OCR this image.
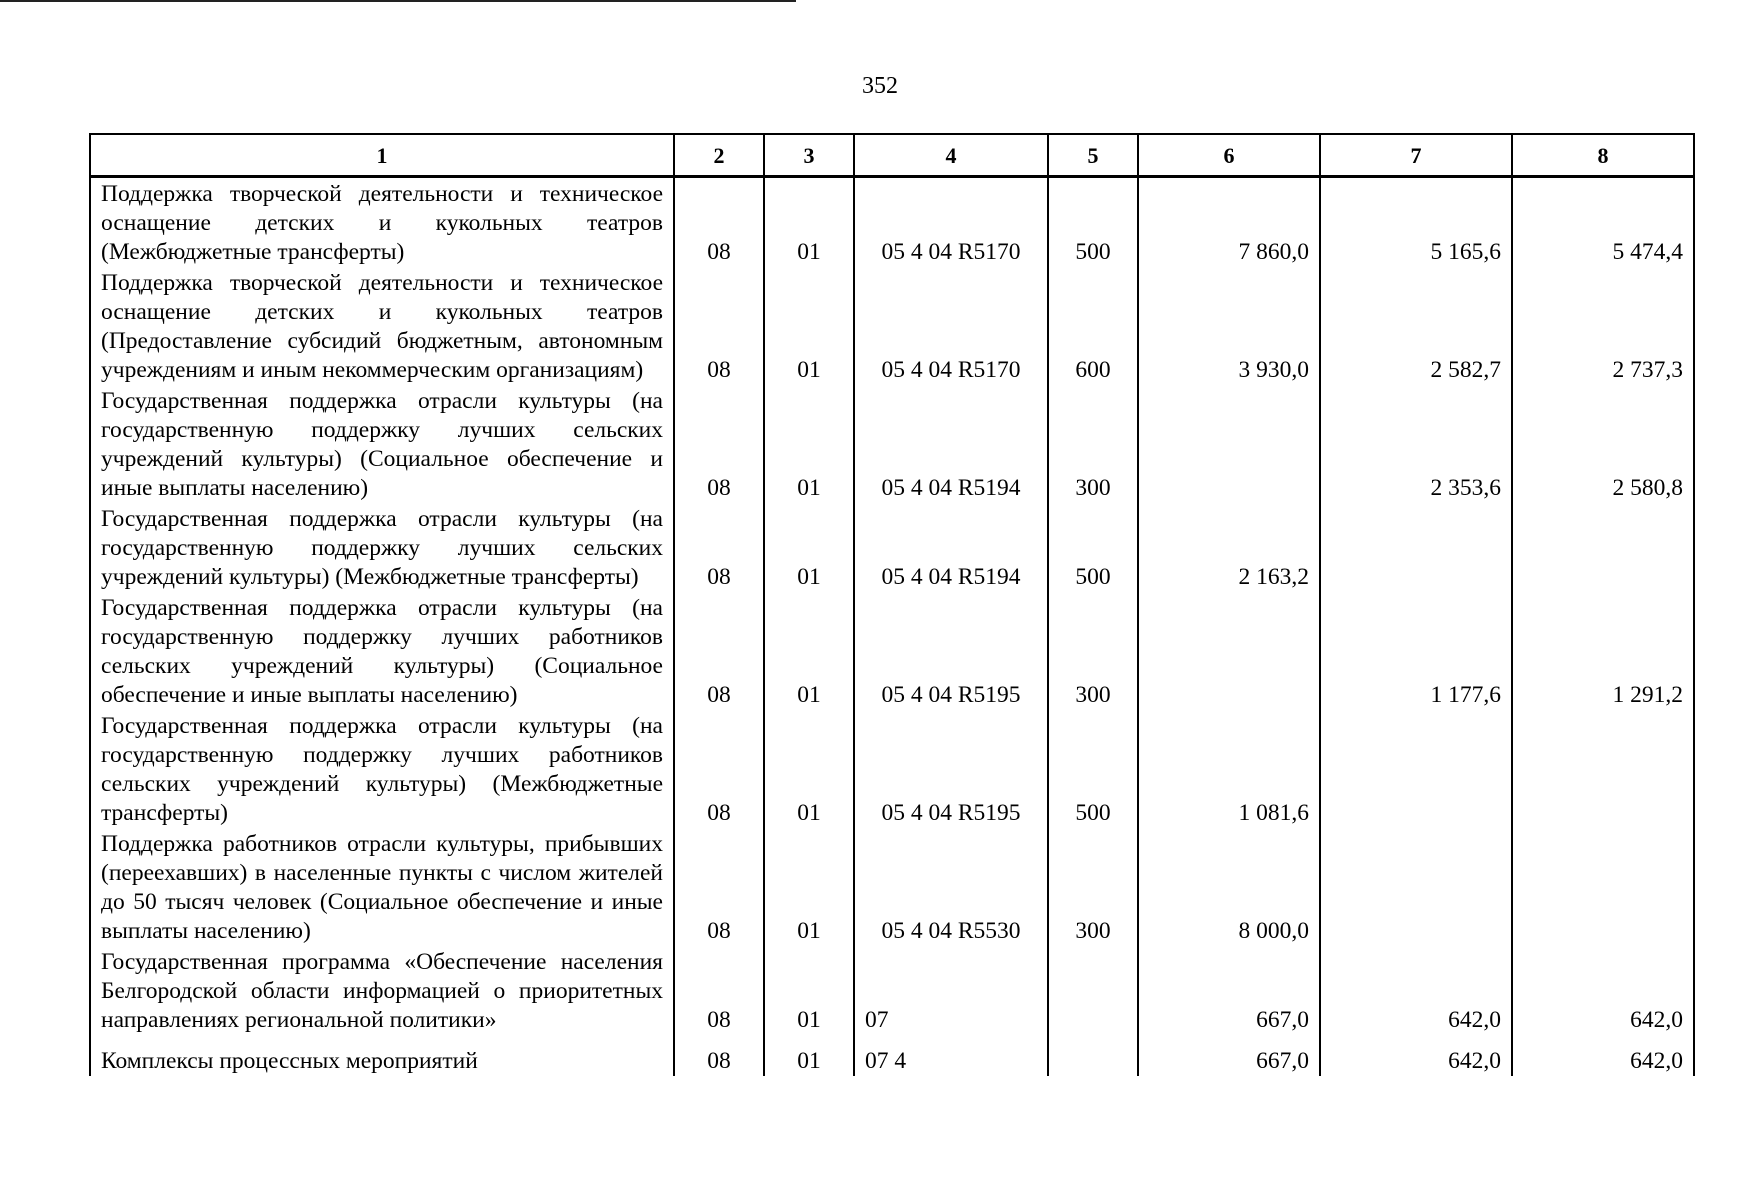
352
1	2	3	4	5	6	7	8
Поддержка творческой деятельности и техническое оснащение детских и кукольных театров (Межбюджетные трансферты)	08	01	05 4 04 R5170	500	7 860,0	5 165,6	5 474,4
Поддержка творческой деятельности и техническое оснащение детских и кукольных театров (Предоставление субсидий бюджетным, автономным учреждениям и иным некоммерческим организациям)	08	01	05 4 04 R5170	600	3 930,0	2 582,7	2 737,3
Государственная поддержка отрасли культуры (на государственную поддержку лучших сельских учреждений культуры) (Социальное обеспечение и иные выплаты населению)	08	01	05 4 04 R5194	300		2 353,6	2 580,8
Государственная поддержка отрасли культуры (на государственную поддержку лучших сельских учреждений культуры) (Межбюджетные трансферты)	08	01	05 4 04 R5194	500	2 163,2		
Государственная поддержка отрасли культуры (на государственную поддержку лучших работников сельских учреждений культуры) (Социальное обеспечение и иные выплаты населению)	08	01	05 4 04 R5195	300		1 177,6	1 291,2
Государственная поддержка отрасли культуры (на государственную поддержку лучших работников сельских учреждений культуры) (Межбюджетные трансферты)	08	01	05 4 04 R5195	500	1 081,6		
Поддержка работников отрасли культуры, прибывших (переехавших) в населенные пункты с числом жителей до 50 тысяч человек (Социальное обеспечение и иные выплаты населению)	08	01	05 4 04 R5530	300	8 000,0		
Государственная программа «Обеспечение населения Белгородской области информацией о приоритетных направлениях региональной политики»	08	01	07		667,0	642,0	642,0
Комплексы процессных мероприятий	08	01	07 4		667,0	642,0	642,0
